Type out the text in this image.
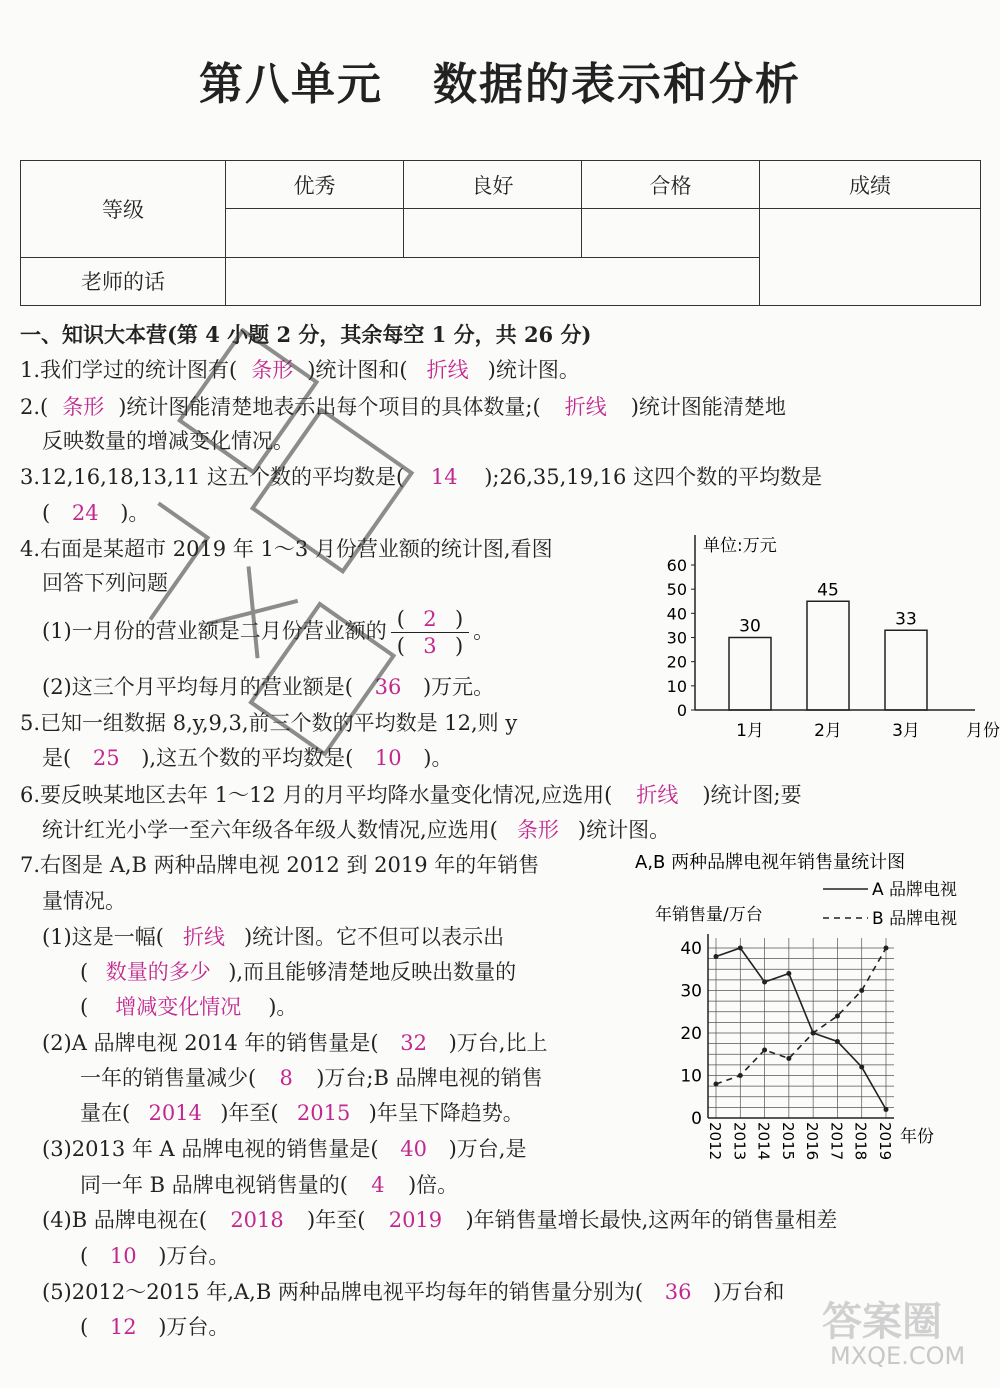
第八单元 数据的表示和分析
等级	优秀	良好	合格	成绩

老师的话				
一、知识大本营(第 4 小题 2 分，其余每空 1 分，共 26 分)
1.我们学过的统计图有( 条形 )统计图和( 折线 )统计图。
2.( 条形 )统计图能清楚地表示出每个项目的具体数量;( 折线 )统计图能清楚地
反映数量的增减变化情况。
3.12,16,18,13,11 这五个数的平均数是( 14 );26,35,19,16 这四个数的平均数是
( 24 )。
4.右面是某超市 2019 年 1～3 月份营业额的统计图,看图
回答下列问题
(1)一月份的营业额是二月份营业额的 $\frac{( 2 )}{( 3 )}$ 。
(2)这三个月平均每月的营业额是( 36 )万元。
5.已知一组数据 8,y,9,3,前三个数的平均数是 12,则 y
是( 25 ),这五个数的平均数是( 10 )。
6.要反映某地区去年 1～12 月的月平均降水量变化情况,应选用( 折线 )统计图;要
统计红光小学一至六年级各年级人数情况,应选用( 条形 )统计图。
7.右图是 A,B 两种品牌电视 2012 到 2019 年的年销售
量情况。
(1)这是一幅( 折线 )统计图。它不但可以表示出
( 数量的多少 ),而且能够清楚地反映出数量的
( 增减变化情况 )。
(2)A 品牌电视 2014 年的销售量是( 32 )万台,比上
一年的销售量减少( 8 )万台;B 品牌电视的销售
量在( 2014 )年至( 2015 )年呈下降趋势。
(3)2013 年 A 品牌电视的销售量是( 40 )万台,是
同一年 B 品牌电视销售量的( 4 )倍。
(4)B 品牌电视在( 2018 )年至( 2019 )年销售量增长最快,这两年的销售量相差
( 10 )万台。
(5)2012～2015 年,A,B 两种品牌电视平均每年的销售量分别为( 36 )万台和
( 12 )万台。
单位:万元
0
10
20
30
40
50
60
30
1月
45
2月
33
3月	月份
A,B 两种品牌电视年销售量统计图
A 品牌电视
B 品牌电视
年销售量/万台
0
10
20
30
40
2012 2013 2014 2015 2016 2017 2018 2019 年份
答案圈
MXQE.COM
